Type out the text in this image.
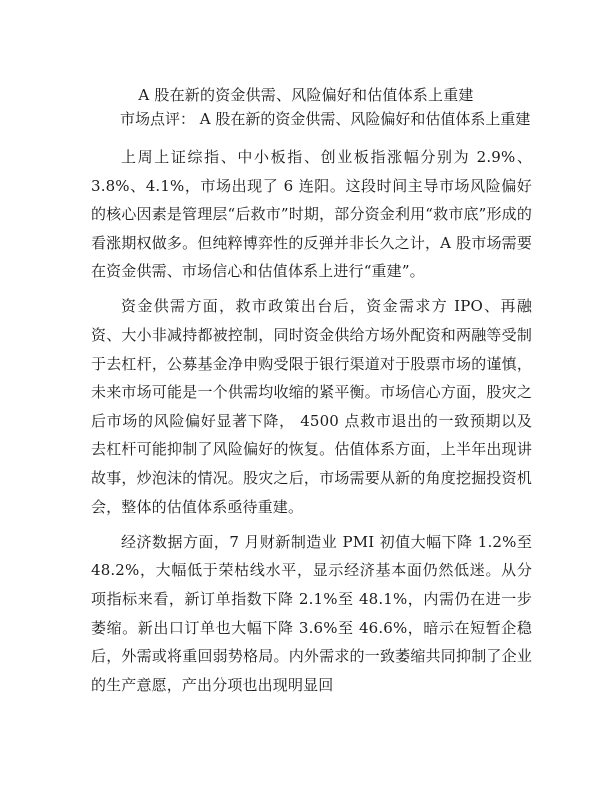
A 股在新的资金供需、风险偏好和估值体系上重建
市场点评： A 股在新的资金供需、风险偏好和估值体系上重建

上周上证综指、中小板指、创业板指涨幅分别为 2.9%、3.8%、4.1%，市场出现了 6 连阳。这段时间主导市场风险偏好的核心因素是管理层“后救市”时期，部分资金利用“救市底”形成的看涨期权做多。但纯粹博弈性的反弹并非长久之计，A 股市场需要在资金供需、市场信心和估值体系上进行“重建”。

资金供需方面，救市政策出台后，资金需求方 IPO、再融资、大小非减持都被控制，同时资金供给方场外配资和两融等受制于去杠杆，公募基金净申购受限于银行渠道对于股票市场的谨慎，未来市场可能是一个供需均收缩的紧平衡。市场信心方面，股灾之后市场的风险偏好显著下降， 4500 点救市退出的一致预期以及去杠杆可能抑制了风险偏好的恢复。估值体系方面，上半年出现讲故事，炒泡沫的情况。股灾之后，市场需要从新的角度挖掘投资机会，整体的估值体系亟待重建。

经济数据方面，7 月财新制造业 PMI 初值大幅下降 1.2%至 48.2%，大幅低于荣枯线水平，显示经济基本面仍然低迷。从分项指标来看，新订单指数下降 2.1%至 48.1%，内需仍在进一步萎缩。新出口订单也大幅下降 3.6%至 46.6%，暗示在短暂企稳后，外需或将重回弱势格局。内外需求的一致萎缩共同抑制了企业的生产意愿，产出分项也出现明显回
